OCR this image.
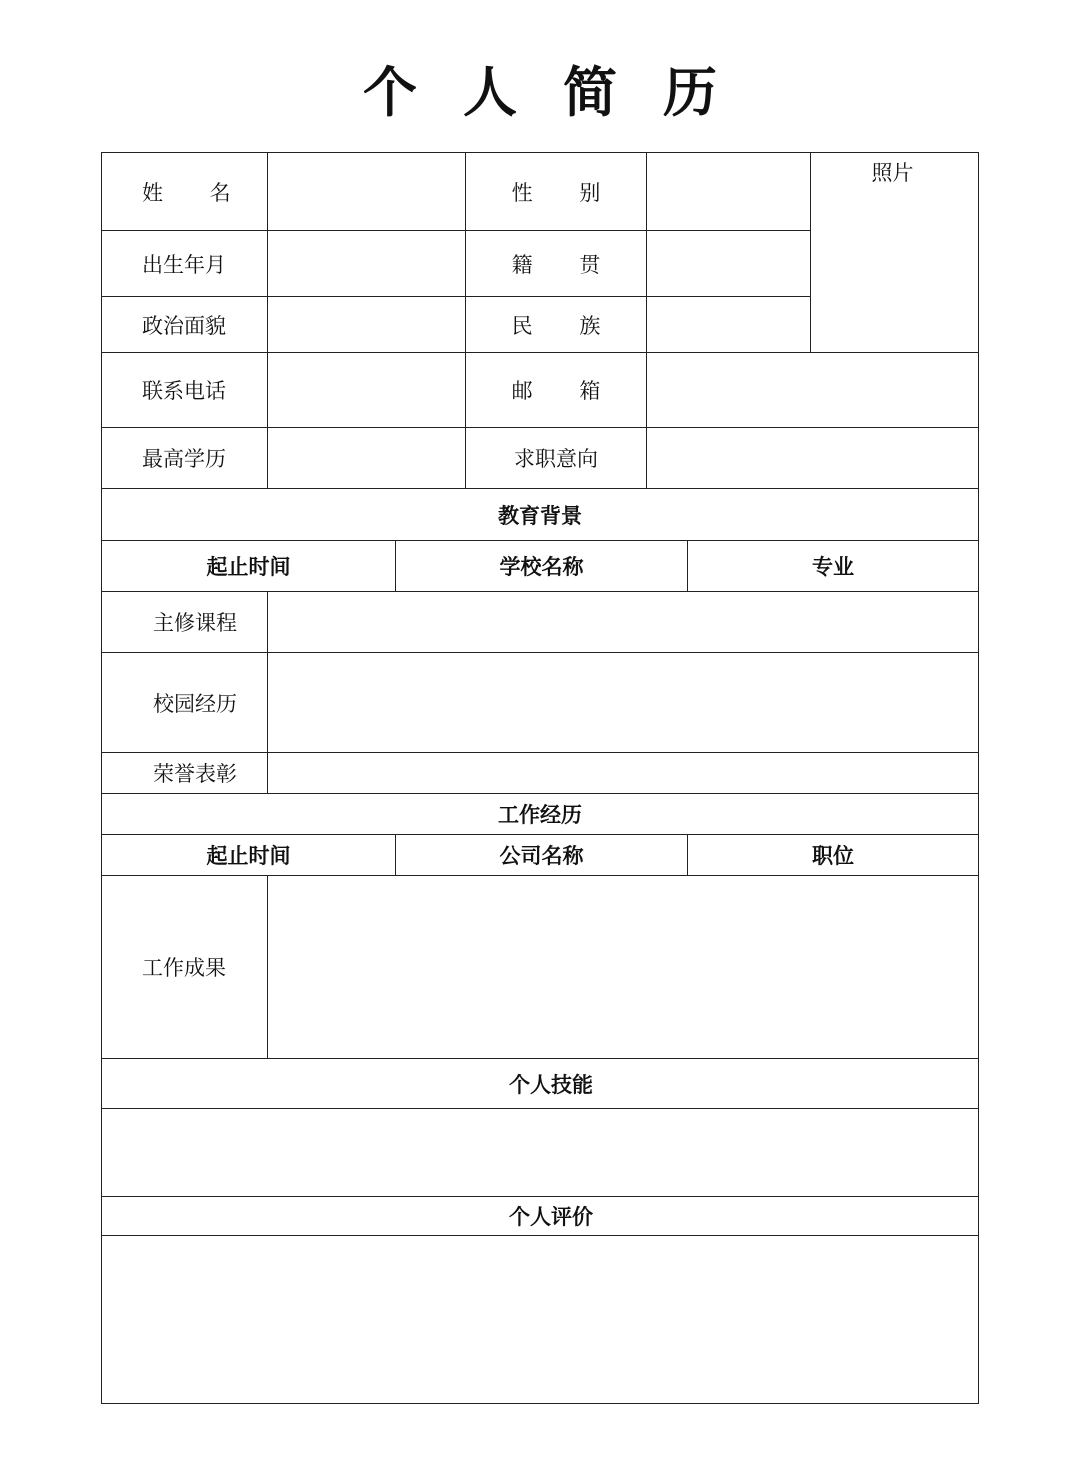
个人简历
姓 名	性 别
照片
出生年月	籍 贯
政治面貌	民 族
联系电话	邮 箱
最高学历	求职意向
教育背景
起止时间	学校名称	专业
主修课程
校园经历
荣誉表彰
工作经历
起止时间	公司名称	职位
工作成果
个人技能
个人评价
